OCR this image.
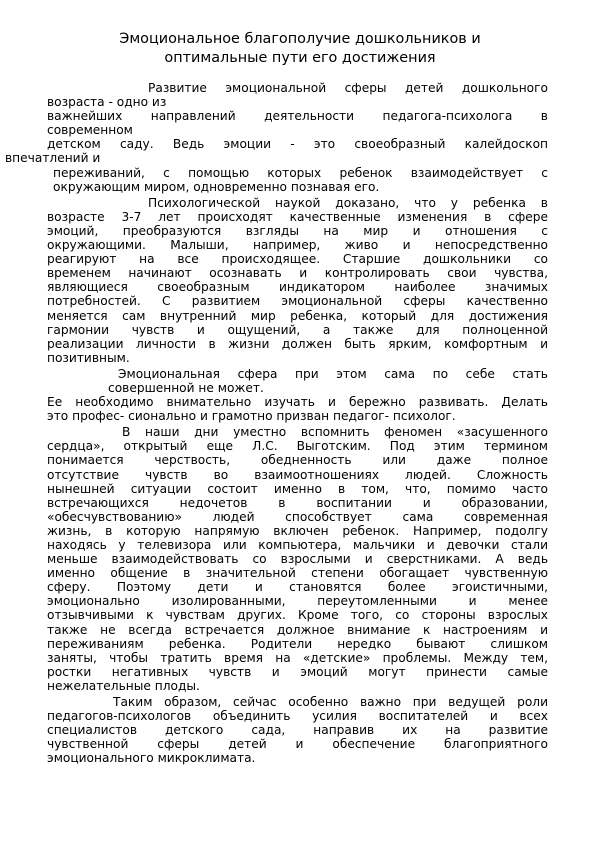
Эмоциональное благополучие дошкольников и
оптимальные пути его достижения
Развитие эмоциональной сферы детей дошкольного
возраста - одно из
важнейших направлений деятельности педагога-психолога в
современном
детском саду. Ведь эмоции - это своеобразный калейдоскоп
впечатлений и
переживаний, с помощью которых ребенок взаимодействует с
окружающим миром, одновременно познавая его.
Психологической наукой доказано, что у ребенка в
возрасте 3-7 лет происходят качественные изменения в сфере
эмоций, преобразуются взгляды на мир и отношения с
окружающими. Малыши, например, живо и непосредственно
реагируют на все происходящее. Старшие дошкольники со
временем начинают осознавать и контролировать свои чувства,
являющиеся своеобразным индикатором наиболее значимых
потребностей. С развитием эмоциональной сферы качественно
меняется сам внутренний мир ребенка, который для достижения
гармонии чувств и ощущений, а также для полноценной
реализации личности в жизни должен быть ярким, комфортным и
позитивным.
Эмоциональная сфера при этом сама по себе стать
совершенной не может.
Ее необходимо внимательно изучать и бережно развивать. Делать
это профес- сионально и грамотно призван педагог- психолог.
В наши дни уместно вспомнить феномен «засушенного
сердца», открытый еще Л.С. Выготским. Под этим термином
понимается черствость, обедненность или даже полное
отсутствие чувств во взаимоотношениях людей. Сложность
нынешней ситуации состоит именно в том, что, помимо часто
встречающихся недочетов в воспитании и образовании,
«обесчувствованию» людей способствует сама современная
жизнь, в которую напрямую включен ребенок. Например, подолгу
находясь у телевизора или компьютера, мальчики и девочки стали
меньше взаимодействовать со взрослыми и сверстниками. А ведь
именно общение в значительной степени обогащает чувственную
сферу. Поэтому дети и становятся более эгоистичными,
эмоционально изолированными, переутомленными и менее
отзывчивыми к чувствам других. Кроме того, со стороны взрослых
также не всегда встречается должное внимание к настроениям и
переживаниям ребенка. Родители нередко бывают слишком
заняты, чтобы тратить время на «детские» проблемы. Между тем,
ростки негативных чувств и эмоций могут принести самые
нежелательные плоды.
Таким образом, сейчас особенно важно при ведущей роли
педагогов-психологов объединить усилия воспитателей и всех
специалистов детского сада, направив их на развитие
чувственной сферы детей и обеспечение благоприятного
эмоционального микроклимата.
